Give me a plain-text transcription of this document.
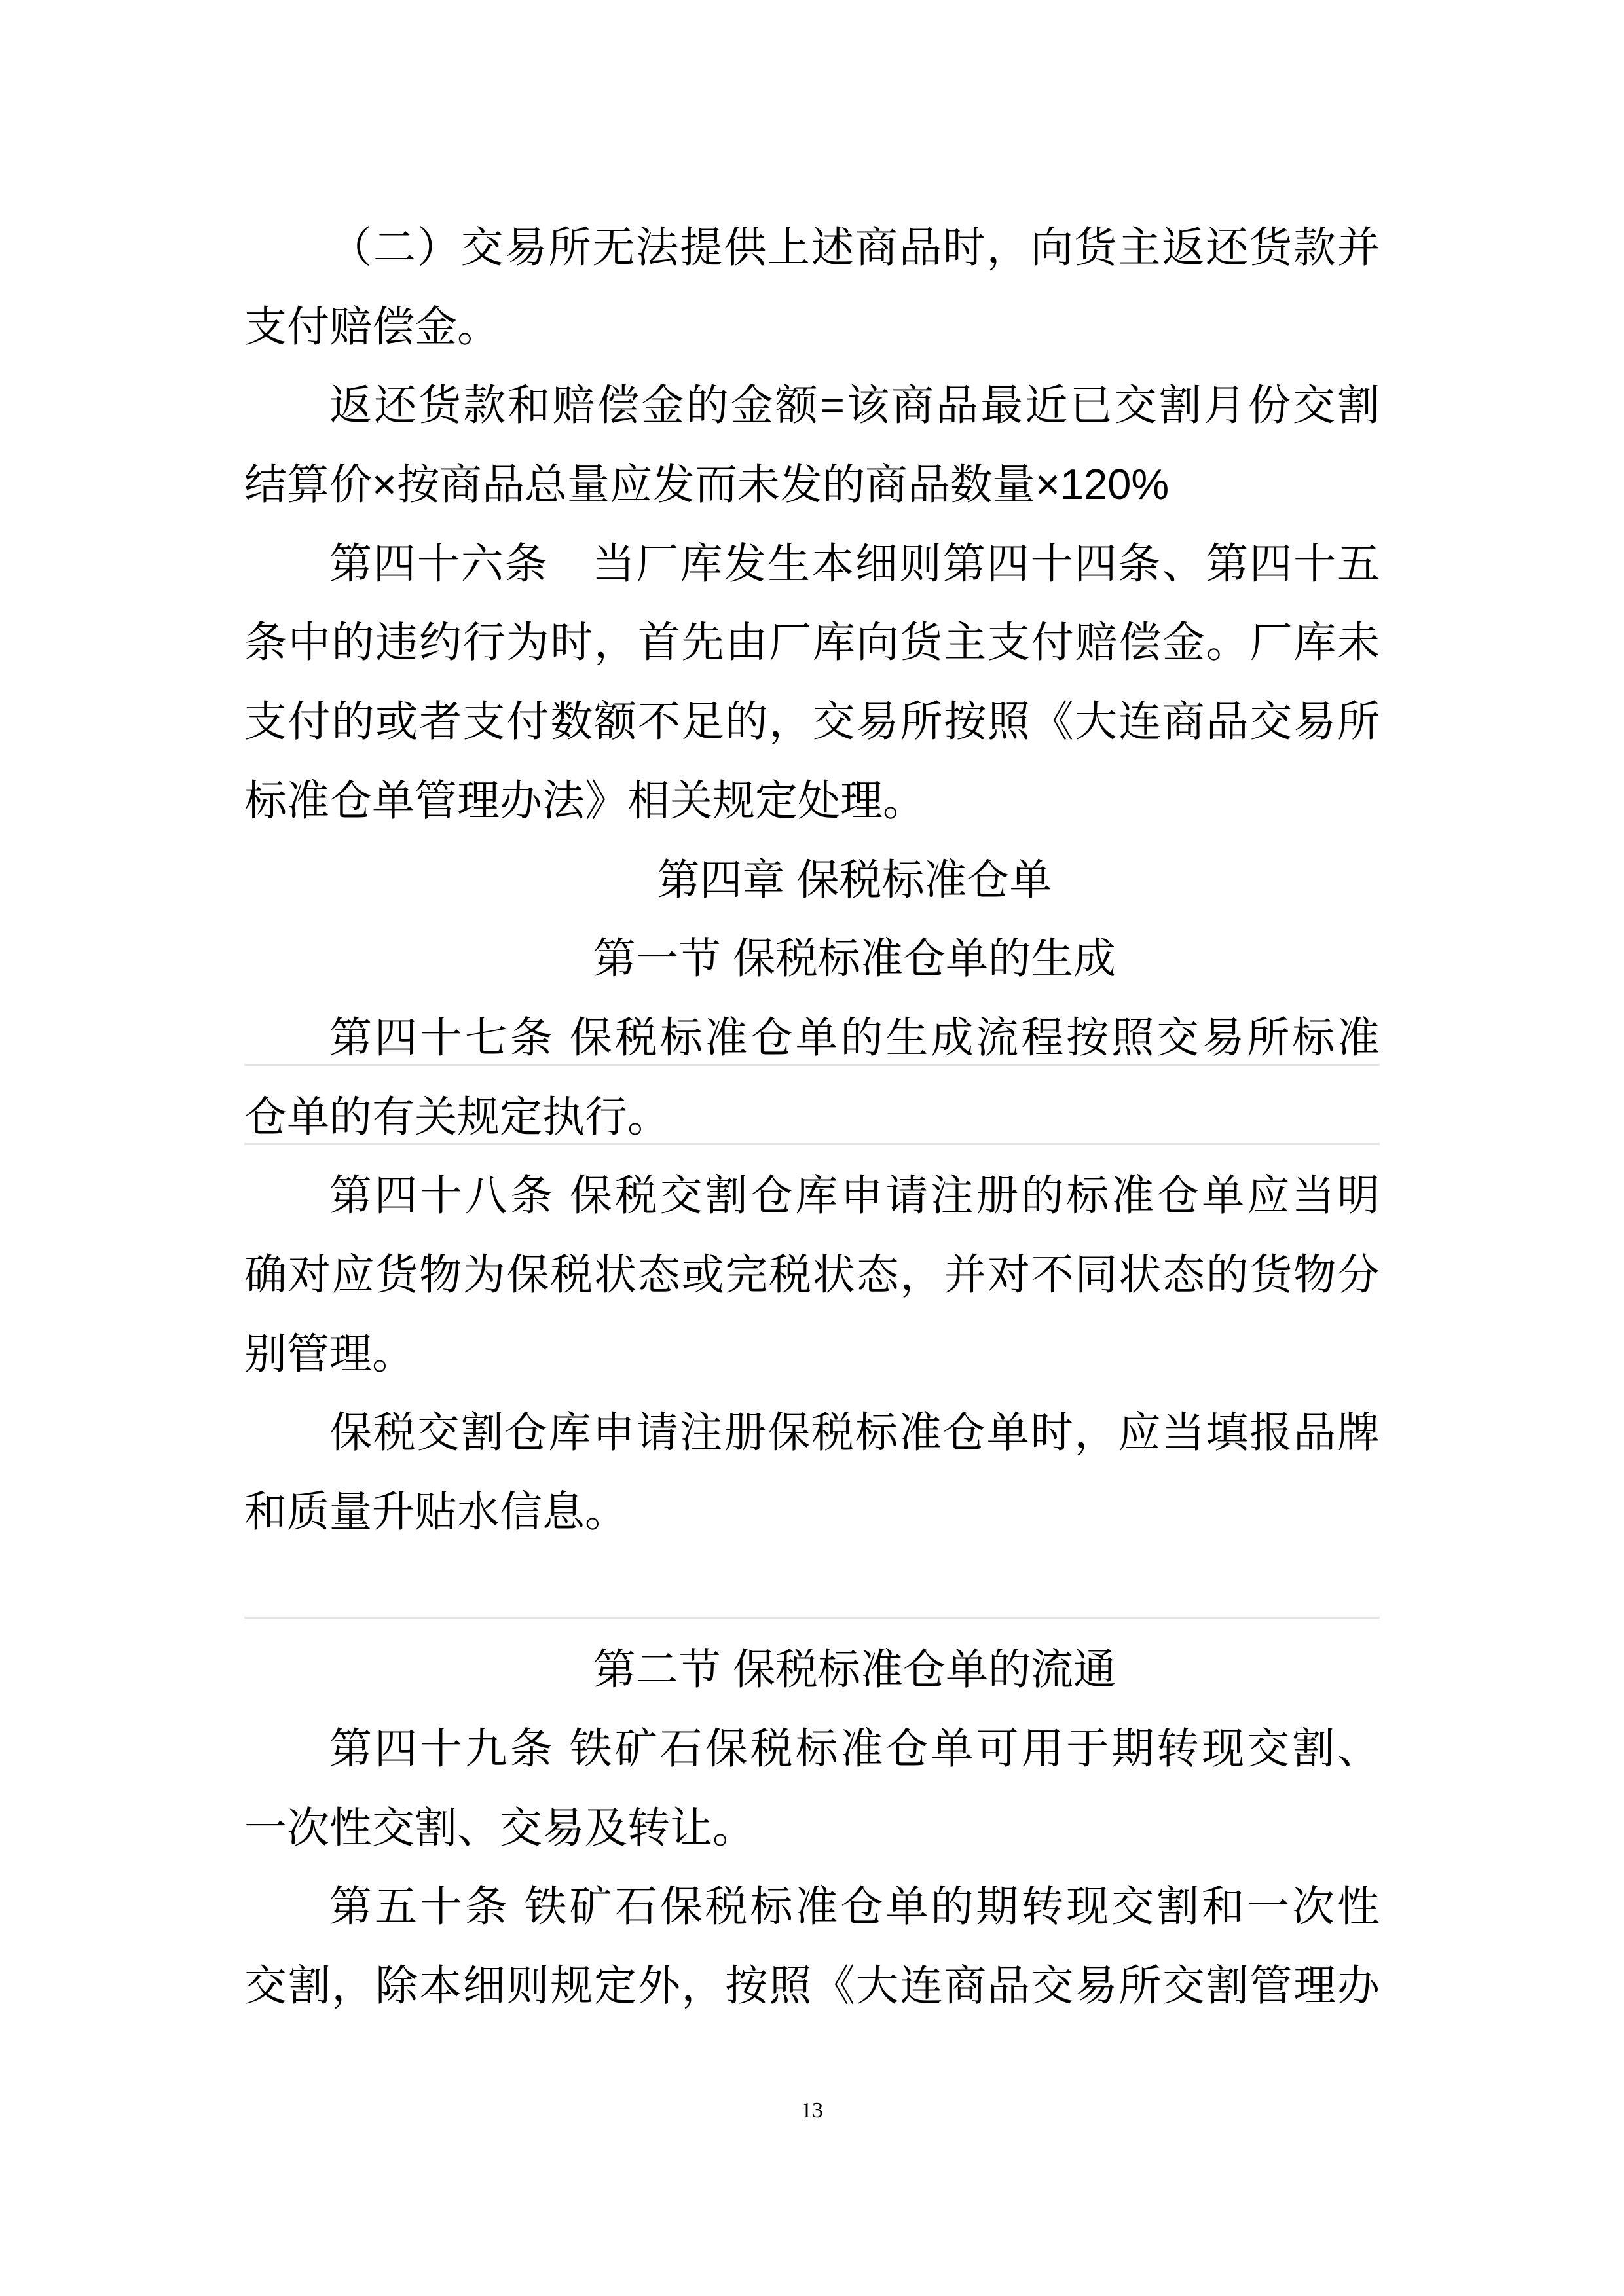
（二）交易所无法提供上述商品时，向货主返还货款并
支付赔偿金。
返还货款和赔偿金的金额=该商品最近已交割月份交割
结算价×按商品总量应发而未发的商品数量×120%
第四十六条　当厂库发生本细则第四十四条、第四十五
条中的违约行为时，首先由厂库向货主支付赔偿金。厂库未
支付的或者支付数额不足的，交易所按照《大连商品交易所
标准仓单管理办法》相关规定处理。
第四章 保税标准仓单
第一节 保税标准仓单的生成
第四十七条 保税标准仓单的生成流程按照交易所标准
仓单的有关规定执行。
第四十八条 保税交割仓库申请注册的标准仓单应当明
确对应货物为保税状态或完税状态，并对不同状态的货物分
别管理。
保税交割仓库申请注册保税标准仓单时，应当填报品牌
和质量升贴水信息。
第二节 保税标准仓单的流通
第四十九条 铁矿石保税标准仓单可用于期转现交割、
一次性交割、交易及转让。
第五十条 铁矿石保税标准仓单的期转现交割和一次性
交割，除本细则规定外，按照《大连商品交易所交割管理办
13
